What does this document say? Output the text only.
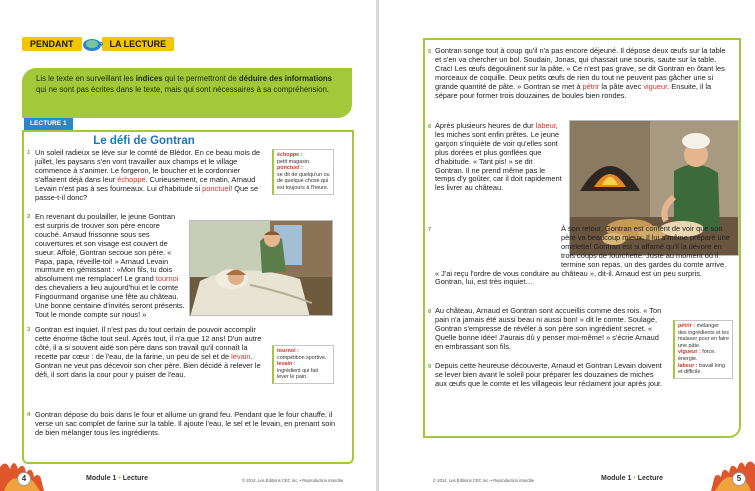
PENDANT	LA LECTURE
Lis le texte en surveillant les indices qui te permettront de déduire des informations qui ne sont pas écrites dans le texte, mais qui sont nécessaires à sa compréhension.
LECTURE 1
Le défi de Gontran
1 Un soleil radieux se lève sur le comté de Blédor. En ce beau mois de juillet, les paysans s'en vont travailler aux champs et le village commence à s'animer. Le forgeron, le boucher et le cordonnier s'affairent déjà dans leur échoppe. Curieusement, ce matin, Arnaud Levain n'est pas à ses fourneaux. Lui d'habitude si ponctuel! Que se passe-t-il donc?
2 En revenant du poulailler, le jeune Gontran est surpris de trouver son père encore couché. Arnaud frissonne sous ses couvertures et son visage est couvert de sueur. Affolé, Gontran secoue son père. « Papa, papa, réveille-toi! » Arnaud Levain murmure en gémissant : «Mon fils, tu dois absolument me remplacer! Le grand tournoi des chevaliers a lieu aujourd'hui et le comte Fingourmand organise une fête au château. Une bonne centaine d'invités seront présents. Tout le monde compte sur nous! »
3 Gontran est inquiet. Il n'est pas du tout certain de pouvoir accomplir cette énorme tâche tout seul. Après tout, il n'a que 12 ans! D'un autre côté, il a si souvent aidé son père dans son travail qu'il connaît la recette par cœur : de l'eau, de la farine, un peu de sel et de levain. Gontran ne veut pas décevoir son cher père. Bien décidé à relever le défi, il sort dans la cour pour y puiser de l'eau.
4 Gontran dépose du bois dans le four et allume un grand feu. Pendant que le four chauffe, il verse un sac complet de farine sur la table. Il ajoute l'eau, le sel et le levain, en prenant soin de bien mélanger tous les ingrédients.
échoppe :
petit magasin.
ponctuel :
se dit de quelqu'un ou de quelque chose qui est toujours à l'heure.
tournoi :
compétition sportive.
levain :
ingrédient qui fait lever le pain.
4	Module 1 • Lecture	© 2014, Les Éditions CEC inc. • Reproduction interdite
5 Gontran songe tout à coup qu'il n'a pas encore déjeuné. Il dépose deux œufs sur la table et s'en va chercher un bol. Soudain, Jonas, qui chassait une souris, saute sur la table. Crac! Les œufs dégoulinent sur la pâte. « Ce n'est pas grave, se dit Gontran en ôtant les morceaux de coquille. Deux petits œufs de rien du tout ne peuvent pas gâcher une si grande quantité de pâte. » Gontran se met à pétrir la pâte avec vigueur. Ensuite, il la sépare pour former trois douzaines de boules bien rondes.
6 Après plusieurs heures de dur labeur, les miches sont enfin prêtes. Le jeune garçon s'inquiète de voir qu'elles sont plus dorées et plus gonflées que d'habitude. « Tant pis! » se dit Gontran. Il ne prend même pas le temps d'y goûter, car il doit rapidement les livrer au château.
7	À son retour, Gontran est content de voir que son père va beaucoup mieux. Il lui a même préparé une omelette! Gontran est si affamé qu'il la dévore en trois coups de fourchette. Juste au moment où il termine son repas, un des gardes du comte arrive. « J'ai reçu l'ordre de vous conduire au château », dit-il. Arnaud est un peu surpris. Gontran, lui, est très inquiet…
8 Au château, Arnaud et Gontran sont accueillis comme des rois. « Ton pain n'a jamais été aussi beau ni aussi bon! » dit le comte. Soulagé, Gontran s'empresse de révéler à son père son ingrédient secret. « Quelle bonne idée! J'aurais dû y penser moi-même! » s'écrie Arnaud en embrassant son fils.
9 Depuis cette heureuse découverte, Arnaud et Gontran Levain doivent se lever bien avant le soleil pour préparer les douzaines de miches aux œufs que le comte et les villageois leur réclament jour après jour.
pétrir : mélanger des ingrédients et les malaxer pour en faire une pâte.
vigueur : force, énergie.
labeur : travail long et difficile.
© 2014, Les Éditions CEC inc. • Reproduction interdite	Module 1 • Lecture	5
